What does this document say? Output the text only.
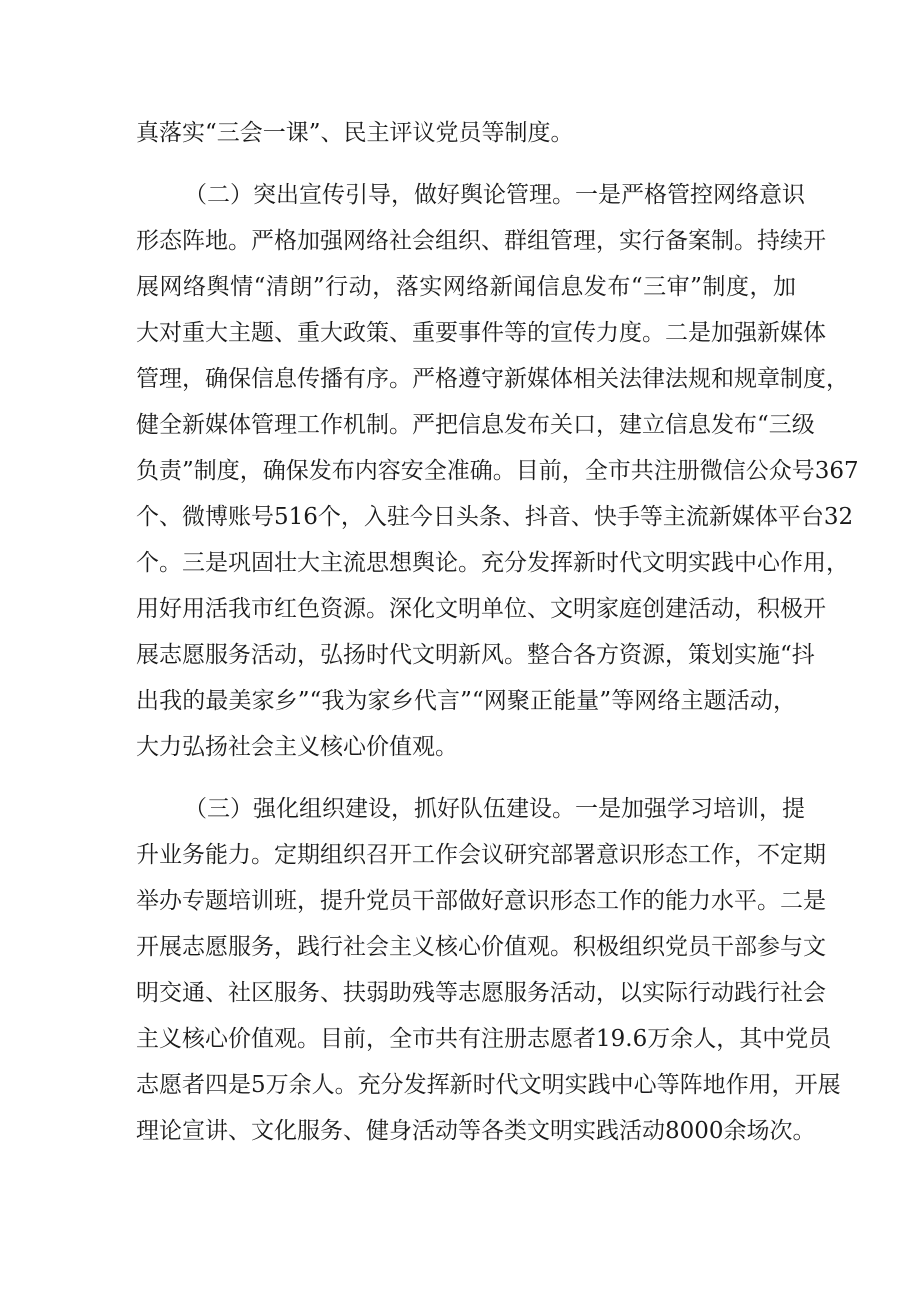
真落实“三会一课”、民主评议党员等制度。
（二）突出宣传引导，做好舆论管理。一是严格管控网络意识
形态阵地。严格加强网络社会组织、群组管理，实行备案制。持续开
展网络舆情“清朗”行动，落实网络新闻信息发布“三审”制度，加
大对重大主题、重大政策、重要事件等的宣传力度。二是加强新媒体
管理，确保信息传播有序。严格遵守新媒体相关法律法规和规章制度，
健全新媒体管理工作机制。严把信息发布关口，建立信息发布“三级
负责”制度，确保发布内容安全准确。目前，全市共注册微信公众号367
个、微博账号516个，入驻今日头条、抖音、快手等主流新媒体平台32
个。三是巩固壮大主流思想舆论。充分发挥新时代文明实践中心作用，
用好用活我市红色资源。深化文明单位、文明家庭创建活动，积极开
展志愿服务活动，弘扬时代文明新风。整合各方资源，策划实施“抖
出我的最美家乡”“我为家乡代言”“网聚正能量”等网络主题活动，
大力弘扬社会主义核心价值观。
（三）强化组织建设，抓好队伍建设。一是加强学习培训，提
升业务能力。定期组织召开工作会议研究部署意识形态工作，不定期
举办专题培训班，提升党员干部做好意识形态工作的能力水平。二是
开展志愿服务，践行社会主义核心价值观。积极组织党员干部参与文
明交通、社区服务、扶弱助残等志愿服务活动，以实际行动践行社会
主义核心价值观。目前，全市共有注册志愿者19.6万余人，其中党员
志愿者四是5万余人。充分发挥新时代文明实践中心等阵地作用，开展
理论宣讲、文化服务、健身活动等各类文明实践活动8000余场次。
